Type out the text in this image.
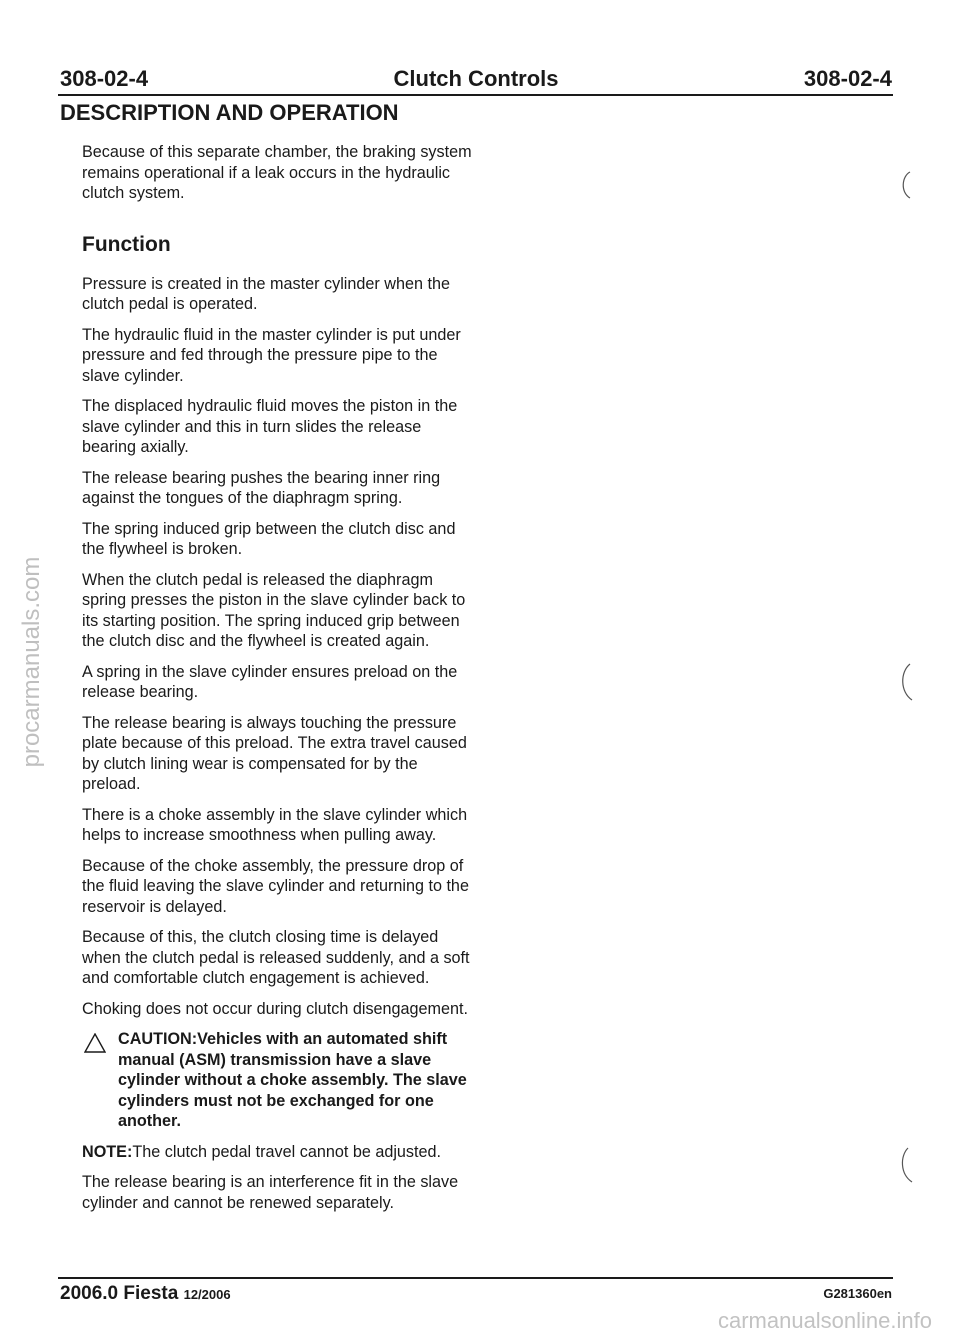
308-02-4	Clutch Controls	308-02-4
DESCRIPTION AND OPERATION

Because of this separate chamber, the braking system remains operational if a leak occurs in the hydraulic clutch system.

Function

Pressure is created in the master cylinder when the clutch pedal is operated.

The hydraulic fluid in the master cylinder is put under pressure and fed through the pressure pipe to the slave cylinder.

The displaced hydraulic fluid moves the piston in the slave cylinder and this in turn slides the release bearing axially.

The release bearing pushes the bearing inner ring against the tongues of the diaphragm spring.

The spring induced grip between the clutch disc and the flywheel is broken.

When the clutch pedal is released the diaphragm spring presses the piston in the slave cylinder back to its starting position. The spring induced grip between the clutch disc and the flywheel is created again.

A spring in the slave cylinder ensures preload on the release bearing.

The release bearing is always touching the pressure plate because of this preload. The extra travel caused by clutch lining wear is compensated for by the preload.

There is a choke assembly in the slave cylinder which helps to increase smoothness when pulling away.

Because of the choke assembly, the pressure drop of the fluid leaving the slave cylinder and returning to the reservoir is delayed.

Because of this, the clutch closing time is delayed when the clutch pedal is released suddenly, and a soft and comfortable clutch engagement is achieved.

Choking does not occur during clutch disengagement.

CAUTION:Vehicles with an automated shift manual (ASM) transmission have a slave cylinder without a choke assembly. The slave cylinders must not be exchanged for one another.

NOTE:The clutch pedal travel cannot be adjusted.

The release bearing is an interference fit in the slave cylinder and cannot be renewed separately.

2006.0 Fiesta 12/2006	G281360en
procarmanuals.com
carmanualsonline.info
